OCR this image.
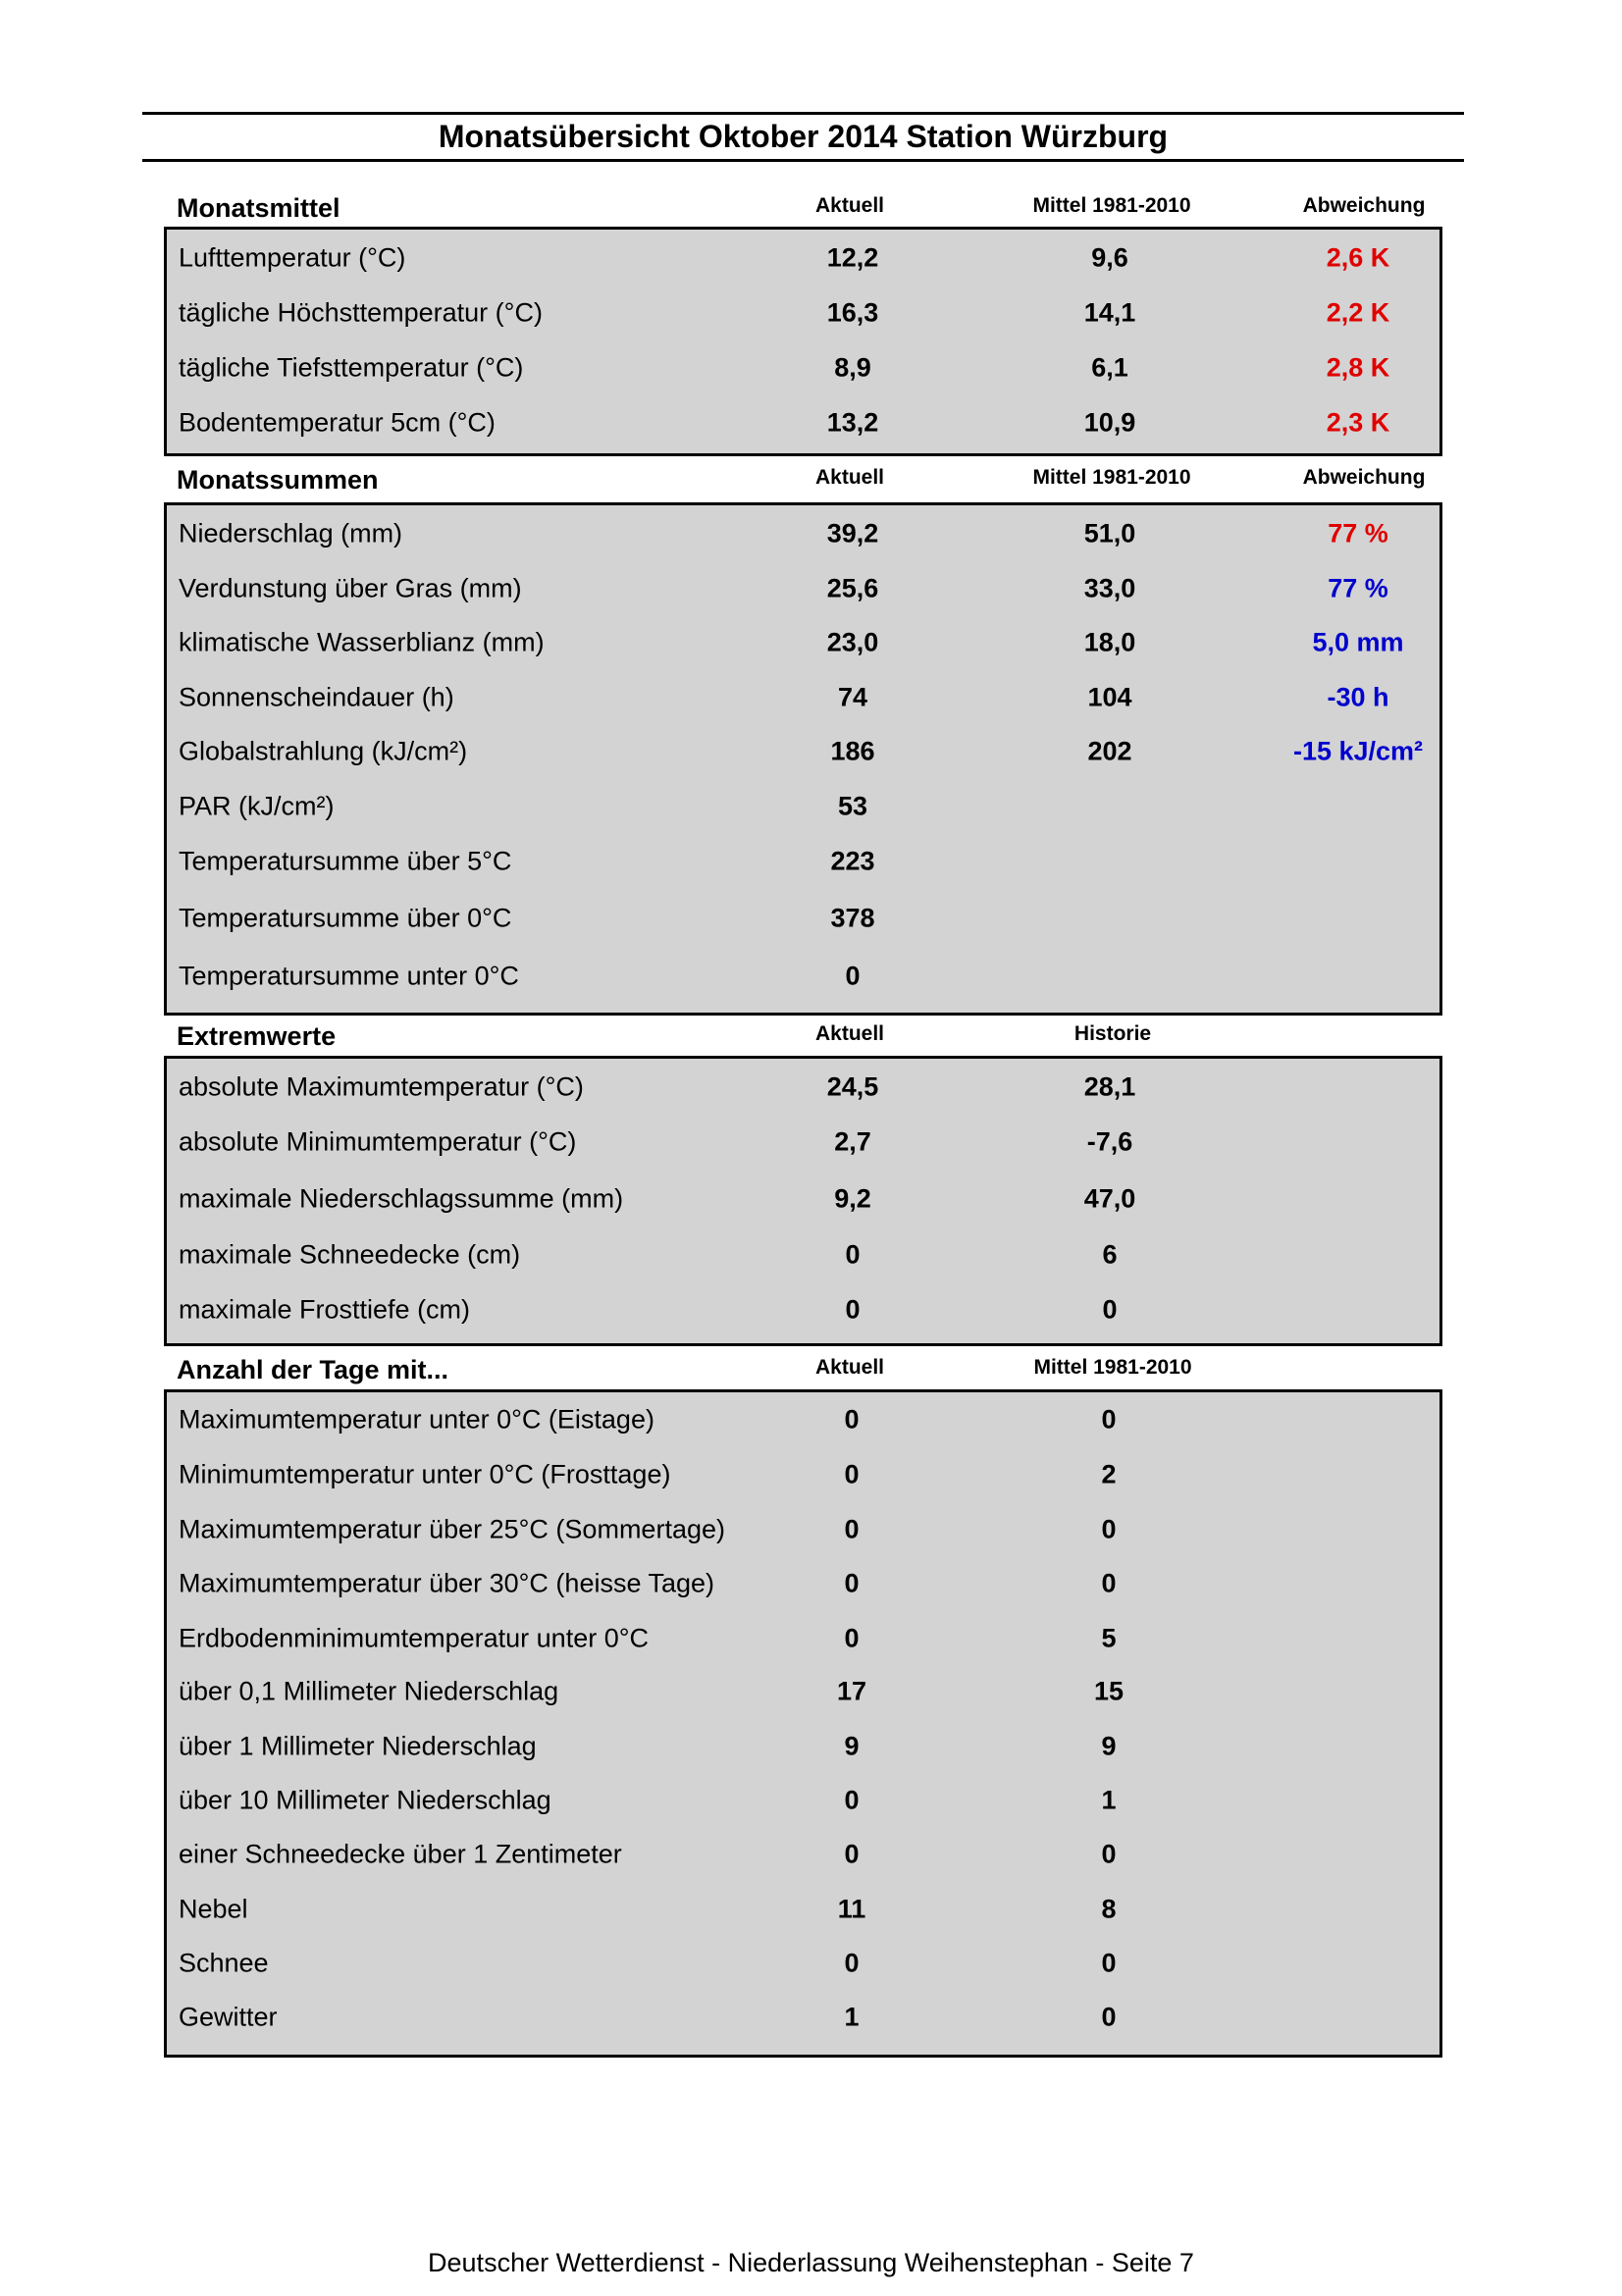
Monatsübersicht Oktober 2014 Station Würzburg
Monatsmittel	Aktuell	Mittel 1981-2010	Abweichung
Lufttemperatur (°C)	12,2	9,6	2,6 K
tägliche Höchsttemperatur (°C)	16,3	14,1	2,2 K
tägliche Tiefsttemperatur (°C)	8,9	6,1	2,8 K
Bodentemperatur 5cm (°C)	13,2	10,9	2,3 K
Monatssummen	Aktuell	Mittel 1981-2010	Abweichung
Niederschlag (mm)	39,2	51,0	77 %
Verdunstung über Gras (mm)	25,6	33,0	77 %
klimatische Wasserblianz (mm)	23,0	18,0	5,0 mm
Sonnenscheindauer (h)	74	104	-30 h
Globalstrahlung (kJ/cm²)	186	202	-15 kJ/cm²
PAR (kJ/cm²)	53
Temperatursumme über 5°C	223
Temperatursumme über 0°C	378
Temperatursumme unter 0°C	0
Extremwerte	Aktuell	Historie
absolute Maximumtemperatur (°C)	24,5	28,1
absolute Minimumtemperatur (°C)	2,7	-7,6
maximale Niederschlagssumme (mm)	9,2	47,0
maximale Schneedecke (cm)	0	6
maximale Frosttiefe (cm)	0	0
Anzahl der Tage mit...	Aktuell	Mittel 1981-2010
Maximumtemperatur unter 0°C (Eistage)	0	0
Minimumtemperatur unter 0°C (Frosttage)	0	2
Maximumtemperatur über 25°C (Sommertage)	0	0
Maximumtemperatur über 30°C (heisse Tage)	0	0
Erdbodenminimumtemperatur unter 0°C	0	5
über 0,1 Millimeter Niederschlag	17	15
über 1 Millimeter Niederschlag	9	9
über 10 Millimeter Niederschlag	0	1
einer Schneedecke über 1 Zentimeter	0	0
Nebel	11	8
Schnee	0	0
Gewitter	1	0
Deutscher Wetterdienst - Niederlassung Weihenstephan - Seite 7
